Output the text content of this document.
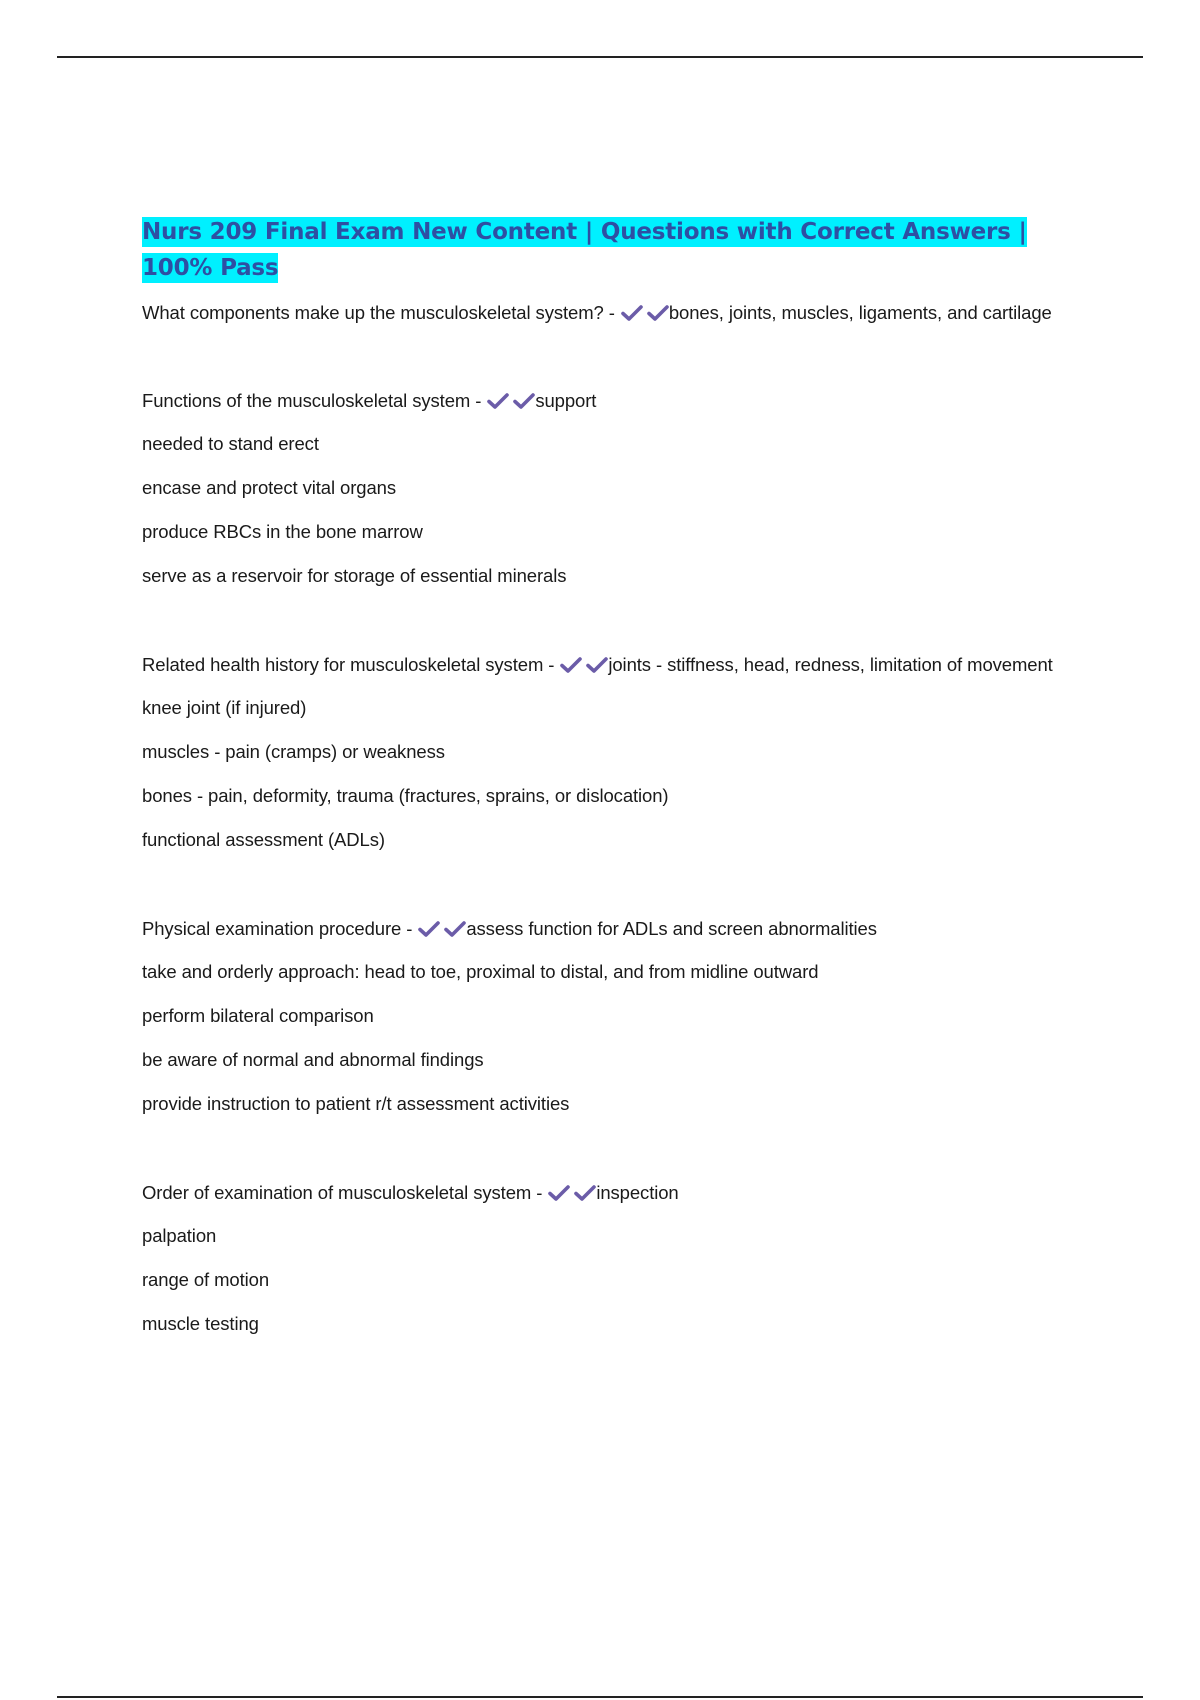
Nurs 209 Final Exam New Content | Questions with Correct Answers | 100% Pass

What components make up the musculoskeletal system? -	bones, joints, muscles, ligaments, and cartilage

Functions of the musculoskeletal system -	support

needed to stand erect

encase and protect vital organs

produce RBCs in the bone marrow

serve as a reservoir for storage of essential minerals

Related health history for musculoskeletal system -	joints - stiffness, head, redness, limitation of movement

knee joint (if injured)

muscles - pain (cramps) or weakness

bones - pain, deformity, trauma (fractures, sprains, or dislocation)

functional assessment (ADLs)

Physical examination procedure -	assess function for ADLs and screen abnormalities

take and orderly approach: head to toe, proximal to distal, and from midline outward

perform bilateral comparison

be aware of normal and abnormal findings

provide instruction to patient r/t assessment activities

Order of examination of musculoskeletal system -	inspection

palpation

range of motion

muscle testing
